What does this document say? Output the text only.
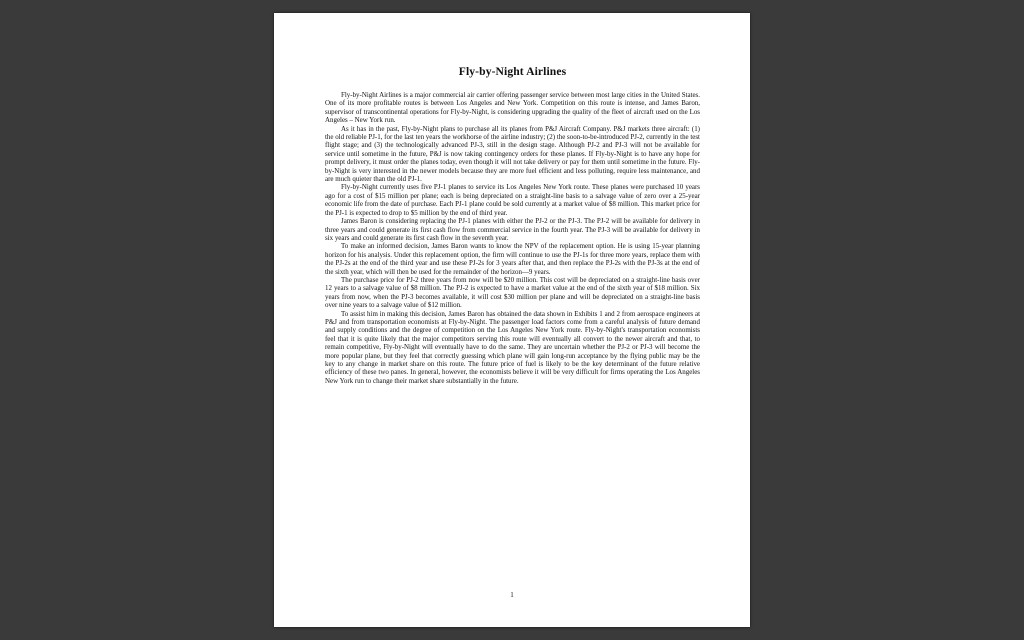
Fly-by-Night Airlines

Fly-by-Night Airlines is a major commercial air carrier offering passenger service between most large cities in the United States. One of its more profitable routes is between Los Angeles and New York. Competition on this route is intense, and James Baron, supervisor of transcontinental operations for Fly-by-Night, is considering upgrading the quality of the fleet of aircraft used on the Los Angeles – New York run.

As it has in the past, Fly-by-Night plans to purchase all its planes from P&J Aircraft Company. P&J markets three aircraft: (1) the old reliable PJ-1, for the last ten years the workhorse of the airline industry; (2) the soon-to-be-introduced PJ-2, currently in the test flight stage; and (3) the technologically advanced PJ-3, still in the design stage. Although PJ-2 and PJ-3 will not be available for service until sometime in the future, P&J is now taking contingency orders for these planes. If Fly-by-Night is to have any hope for prompt delivery, it must order the planes today, even though it will not take delivery or pay for them until sometime in the future. Fly-by-Night is very interested in the newer models because they are more fuel efficient and less polluting, require less maintenance, and are much quieter than the old PJ-1.

Fly-by-Night currently uses five PJ-1 planes to service its Los Angeles New York route. These planes were purchased 10 years ago for a cost of $15 million per plane; each is being depreciated on a straight-line basis to a salvage value of zero over a 25-year economic life from the date of purchase. Each PJ-1 plane could be sold currently at a market value of $8 million. This market price for the PJ-1 is expected to drop to $5 million by the end of third year.

James Baron is considering replacing the PJ-1 planes with either the PJ-2 or the PJ-3. The PJ-2 will be available for delivery in three years and could generate its first cash flow from commercial service in the fourth year. The PJ-3 will be available for delivery in six years and could generate its first cash flow in the seventh year.

To make an informed decision, James Baron wants to know the NPV of the replacement option. He is using 15-year planning horizon for his analysis. Under this replacement option, the firm will continue to use the PJ-1s for three more years, replace them with the PJ-2s at the end of the third year and use these PJ-2s for 3 years after that, and then replace the PJ-2s with the PJ-3s at the end of the sixth year, which will then be used for the remainder of the horizon—9 years.

The purchase price for PJ-2 three years from now will be $20 million. This cost will be depreciated on a straight-line basis over 12 years to a salvage value of $8 million. The PJ-2 is expected to have a market value at the end of the sixth year of $18 million. Six years from now, when the PJ-3 becomes available, it will cost $30 million per plane and will be depreciated on a straight-line basis over nine years to a salvage value of $12 million.

To assist him in making this decision, James Baron has obtained the data shown in Exhibits 1 and 2 from aerospace engineers at P&J and from transportation economists at Fly-by-Night. The passenger load factors come from a careful analysis of future demand and supply conditions and the degree of competition on the Los Angeles New York route. Fly-by-Night's transportation economists feel that it is quite likely that the major competitors serving this route will eventually all convert to the newer aircraft and that, to remain competitive, Fly-by-Night will eventually have to do the same. They are uncertain whether the PJ-2 or PJ-3 will become the more popular plane, but they feel that correctly guessing which plane will gain long-run acceptance by the flying public may be the key to any change in market share on this route. The future price of fuel is likely to be the key determinant of the future relative efficiency of these two panes. In general, however, the economists believe it will be very difficult for firms operating the Los Angeles New York run to change their market share substantially in the future.

1
